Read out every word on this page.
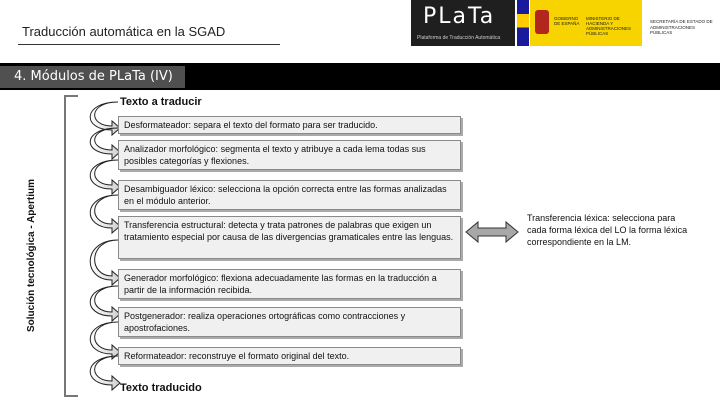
Traducción automática en la SGAD
PLaTa
Plataforma de Traducción Automática
GOBIERNO DE ESPAÑA
MINISTERIO DE HACIENDA Y ADMINISTRACIONES PÚBLICAS
SECRETARÍA DE ESTADO DE ADMINISTRACIONES PÚBLICAS
4. Módulos de PLaTa (IV)
Solución tecnológica - Apertium
Texto a traducir
Texto traducido
Desformateador: separa el texto del formato para ser traducido.
Analizador morfológico: segmenta el texto y atribuye a cada lema todas sus posibles categorías y flexiones.
Desambiguador léxico: selecciona la opción correcta entre las formas analizadas en el módulo anterior.
Transferencia estructural: detecta y trata patrones de palabras que exigen un tratamiento especial por causa de las divergencias gramaticales entre las lenguas.
Generador morfológico: flexiona adecuadamente las formas en la traducción a partir de la información recibida.
Postgenerador: realiza operaciones ortográficas como contracciones y apostrofaciones.
Reformateador: reconstruye el formato original del texto.
Transferencia léxica: selecciona para cada forma léxica del LO la forma léxica correspondiente en la LM.
